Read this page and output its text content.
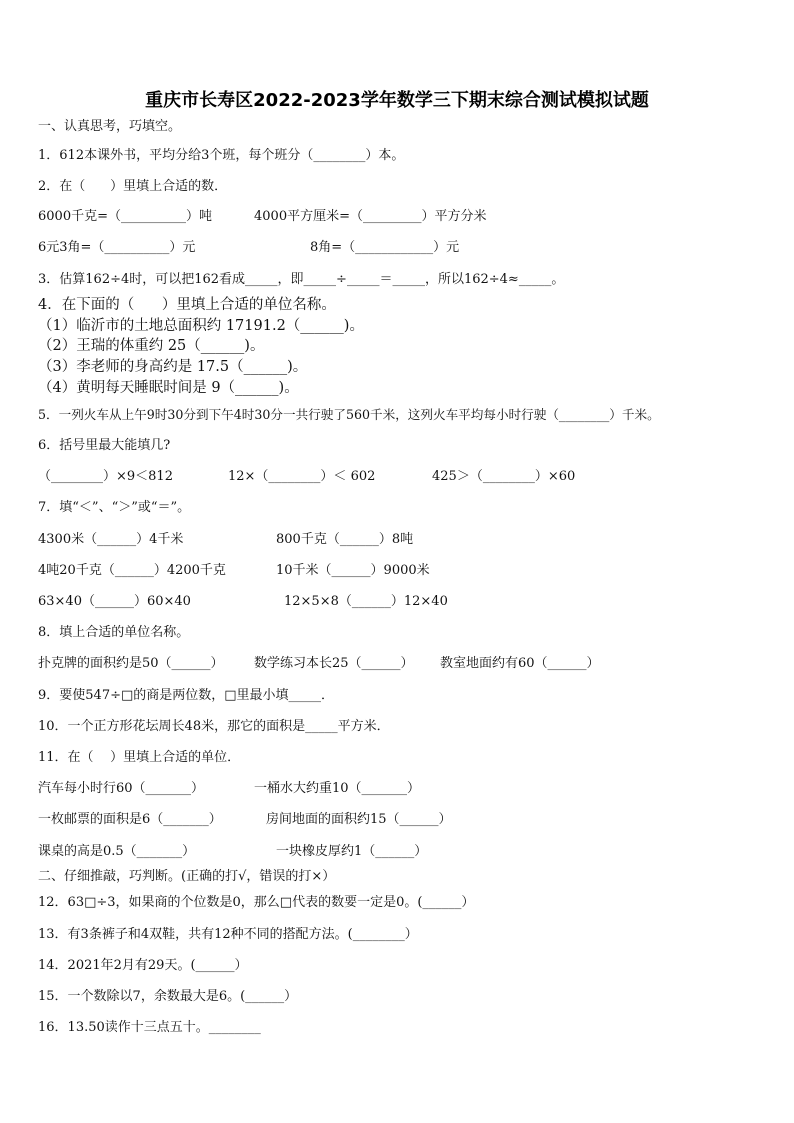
重庆市长寿区2022-2023学年数学三下期末综合测试模拟试题
一、认真思考，巧填空。
1．612本课外书，平均分给3个班，每个班分（________）本。
2．在（      ）里填上合适的数．
6000千克=（__________）吨	4000平方厘米=（_________）平方分米
6元3角=（__________）元	8角=（____________）元
3．估算162÷4时，可以把162看成_____，即_____÷_____＝_____，所以162÷4≈_____。
4．在下面的（      ）里填上合适的单位名称。
（1）临沂市的土地总面积约 17191.2（______)。
（2）王瑞的体重约 25（______)。
（3）李老师的身高约是 17.5（______)。
（4）黄明每天睡眠时间是 9（______)。
5．一列火车从上午9时30分到下午4时30分一共行驶了560千米，这列火车平均每小时行驶（________）千米。
6．括号里最大能填几?
（________）×9＜812	12×（________）＜ 602	425＞（________）×60
7．填“＜”、“＞”或“＝”。
4300米（______）4千米	800千克（______）8吨
4吨20千克（______）4200千克	10千米（______）9000米
63×40（______）60×40	12×5×8（______）12×40
8．填上合适的单位名称。
扑克牌的面积约是50（______） 数学练习本长25（______） 教室地面约有60（______）
9．要使547÷□的商是两位数，□里最小填_____．
10．一个正方形花坛周长48米，那它的面积是_____平方米．
11．在（    ）里填上合适的单位．
汽车每小时行60（_______）	一桶水大约重10（_______）
一枚邮票的面积是6（_______）	房间地面的面积约15（______）
课桌的高是0.5（_______）	一块橡皮厚约1（______）
二、仔细推敲，巧判断。(正确的打√，错误的打×）
12．63□÷3，如果商的个位数是0，那么□代表的数要一定是0。(______）
13．有3条裤子和4双鞋，共有12种不同的搭配方法。(________）
14．2021年2月有29天。(______）
15．一个数除以7，余数最大是6。(______）
16．13.50读作十三点五十。________
